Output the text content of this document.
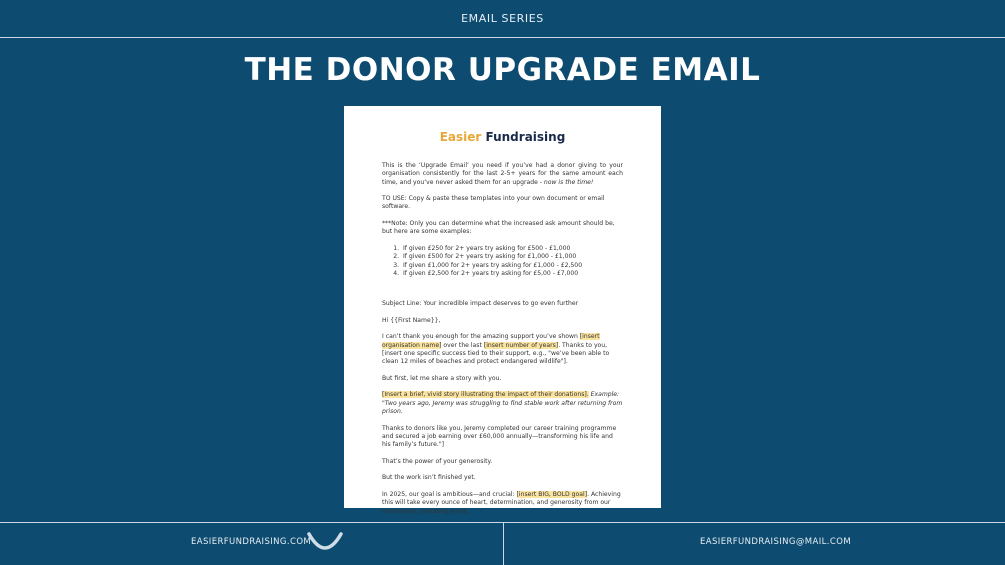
EMAIL SERIES
THE DONOR UPGRADE EMAIL
Easier Fundraising

This is the ‘Upgrade Email’ you need if you’ve had a donor giving to your organisation consistently for the last 2-5+ years for the same amount each time, and you’ve never asked them for an upgrade - now is the time!

TO USE: Copy & paste these templates into your own document or email software.

***Note: Only you can determine what the increased ask amount should be, but here are some examples:

1. If given £250 for 2+ years try asking for £500 - £1,000
2. If given £500 for 2+ years try asking for £1,000 - £1,000
3. If given £1,000 for 2+ years try asking for £1,000 - £2,500
4. If given £2,500 for 2+ years try asking for £5,00 - £7,000

Subject Line: Your incredible impact deserves to go even further

Hi {{First Name}},

I can’t thank you enough for the amazing support you’ve shown [insert organisation name] over the last [insert number of years]. Thanks to you, [insert one specific success tied to their support, e.g., "we’ve been able to clean 12 miles of beaches and protect endangered wildlife"].

But first, let me share a story with you.

[Insert a brief, vivid story illustrating the impact of their donations]. Example: "Two years ago, Jeremy was struggling to find stable work after returning from prison.

Thanks to donors like you, Jeremy completed our career training programme and secured a job earning over £60,000 annually—transforming his life and his family’s future."]

That’s the power of your generosity.

But the work isn’t finished yet.

In 2025, our goal is ambitious—and crucial: [insert BIG, BOLD goal]. Achieving this will take every ounce of heart, determination, and generosity from our community, including yours.

EASIERFUNDRAISING.COM	EASIERFUNDRAISING@MAIL.COM
